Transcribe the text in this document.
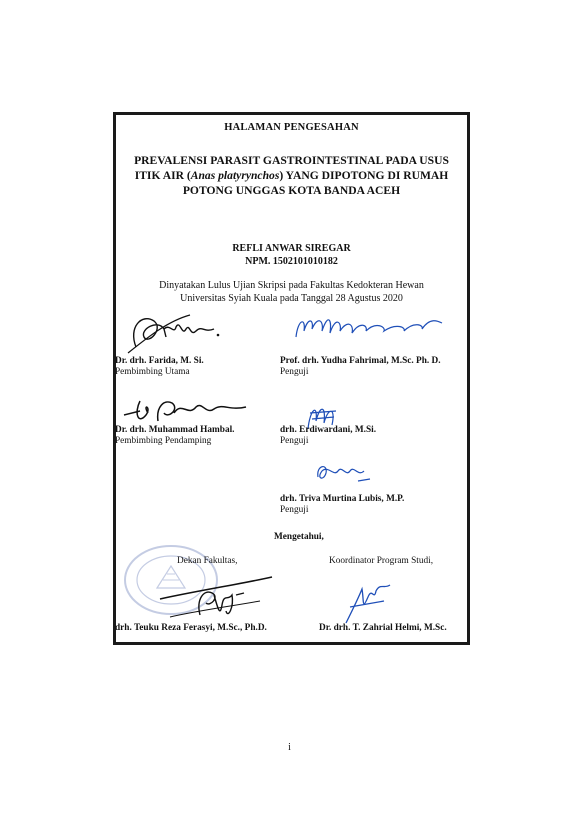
HALAMAN PENGESAHAN
PREVALENSI PARASIT GASTROINTESTINAL PADA USUS
ITIK AIR (Anas platyrynchos) YANG DIPOTONG DI RUMAH
POTONG UNGGAS KOTA BANDA ACEH
REFLI ANWAR SIREGAR
NPM. 1502101010182
Dinyatakan Lulus Ujian Skripsi pada Fakultas Kedokteran Hewan
Universitas Syiah Kuala pada Tanggal 28 Agustus 2020
Dr. drh. Farida, M. Si.
Pembimbing Utama
Prof. drh. Yudha Fahrimal, M.Sc. Ph. D.
Penguji
Dr. drh. Muhammad Hambal.
Pembimbing Pendamping
drh. Erdiwardani, M.Si.
Penguji
drh. Triva Murtina Lubis, M.P.
Penguji
Mengetahui,
Dekan Fakultas,	Koordinator Program Studi,
drh. Teuku Reza Ferasyi, M.Sc., Ph.D.	Dr. drh. T. Zahrial Helmi, M.Sc.
i
